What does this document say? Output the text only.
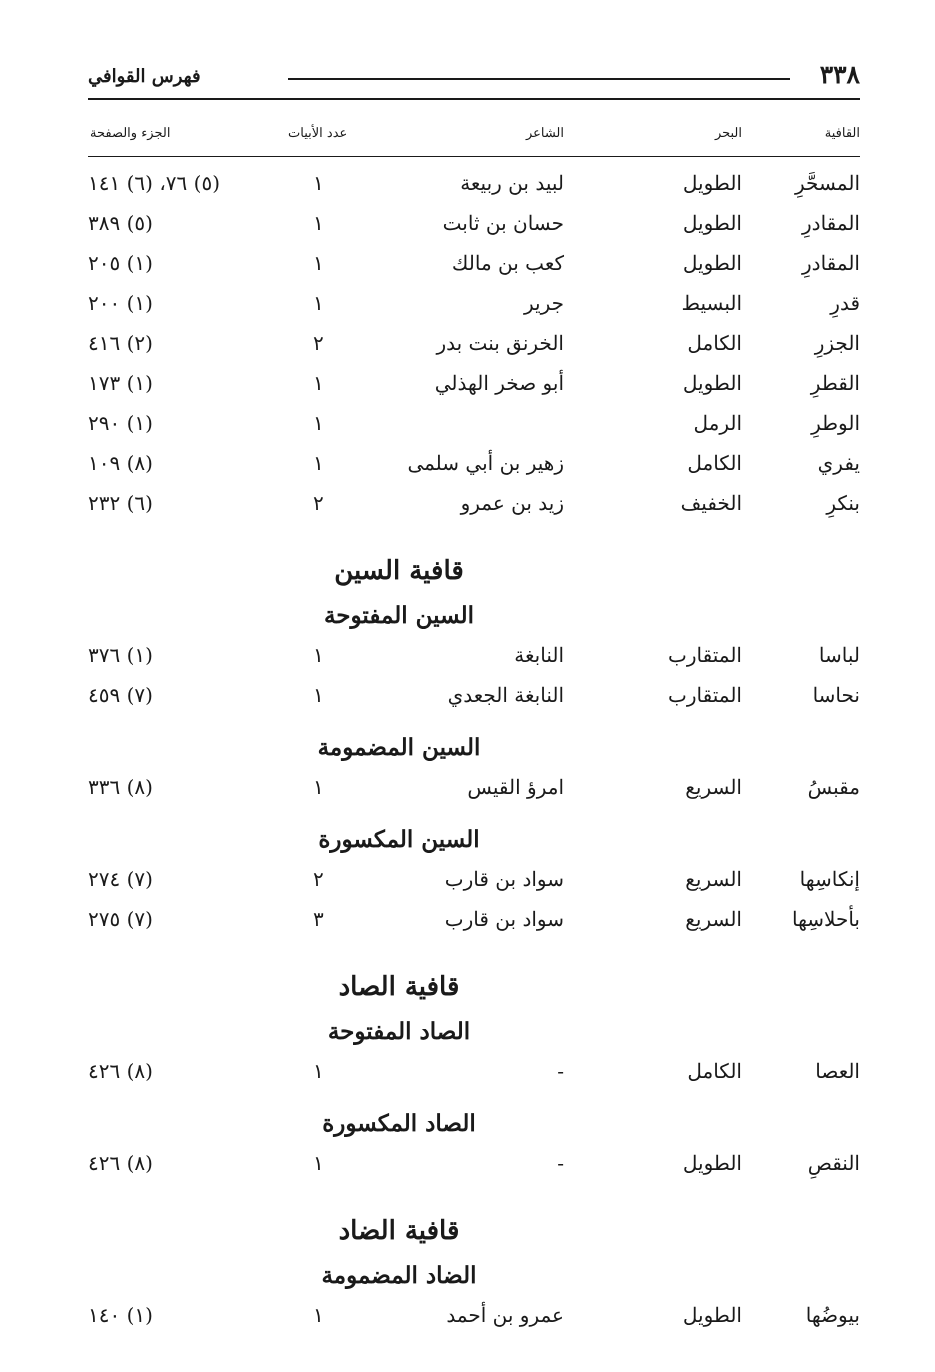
٣٣٨
فهرس القوافي
القافية
البحر
الشاعر
عدد الأبيات
الجزء والصفحة
المسحَّرِ
الطويل
لبيد بن ربيعة
١
(٥) ٧٦، (٦) ١٤١
المقادرِ
الطويل
حسان بن ثابت
١
(٥) ٣٨٩
المقادرِ
الطويل
كعب بن مالك
١
(١) ٢٠٥
قدرِ
البسيط
جرير
١
(١) ٢٠٠
الجزرِ
الكامل
الخرنق بنت بدر
٢
(٢) ٤١٦
القطرِ
الطويل
أبو صخر الهذلي
١
(١) ١٧٣
الوطرِ
الرمل
١
(١) ٢٩٠
يفري
الكامل
زهير بن أبي سلمى
١
(٨) ١٠٩
بنكرِ
الخفيف
زيد بن عمرو
٢
(٦) ٢٣٢
قافية السين
السين المفتوحة
لباسا
المتقارب
النابغة
١
(١) ٣٧٦
نحاسا
المتقارب
النابغة الجعدي
١
(٧) ٤٥٩
السين المضمومة
مقبسُ
السريع
امرؤ القيس
١
(٨) ٣٣٦
السين المكسورة
إنكاسِها
السريع
سواد بن قارب
٢
(٧) ٢٧٤
بأحلاسِها
السريع
سواد بن قارب
٣
(٧) ٢٧٥
قافية الصاد
الصاد المفتوحة
العصا
الكامل
-
١
(٨) ٤٢٦
الصاد المكسورة
النقصِ
الطويل
-
١
(٨) ٤٢٦
قافية الضاد
الضاد المضمومة
بيوضُها
الطويل
عمرو بن أحمد
١
(١) ١٤٠
